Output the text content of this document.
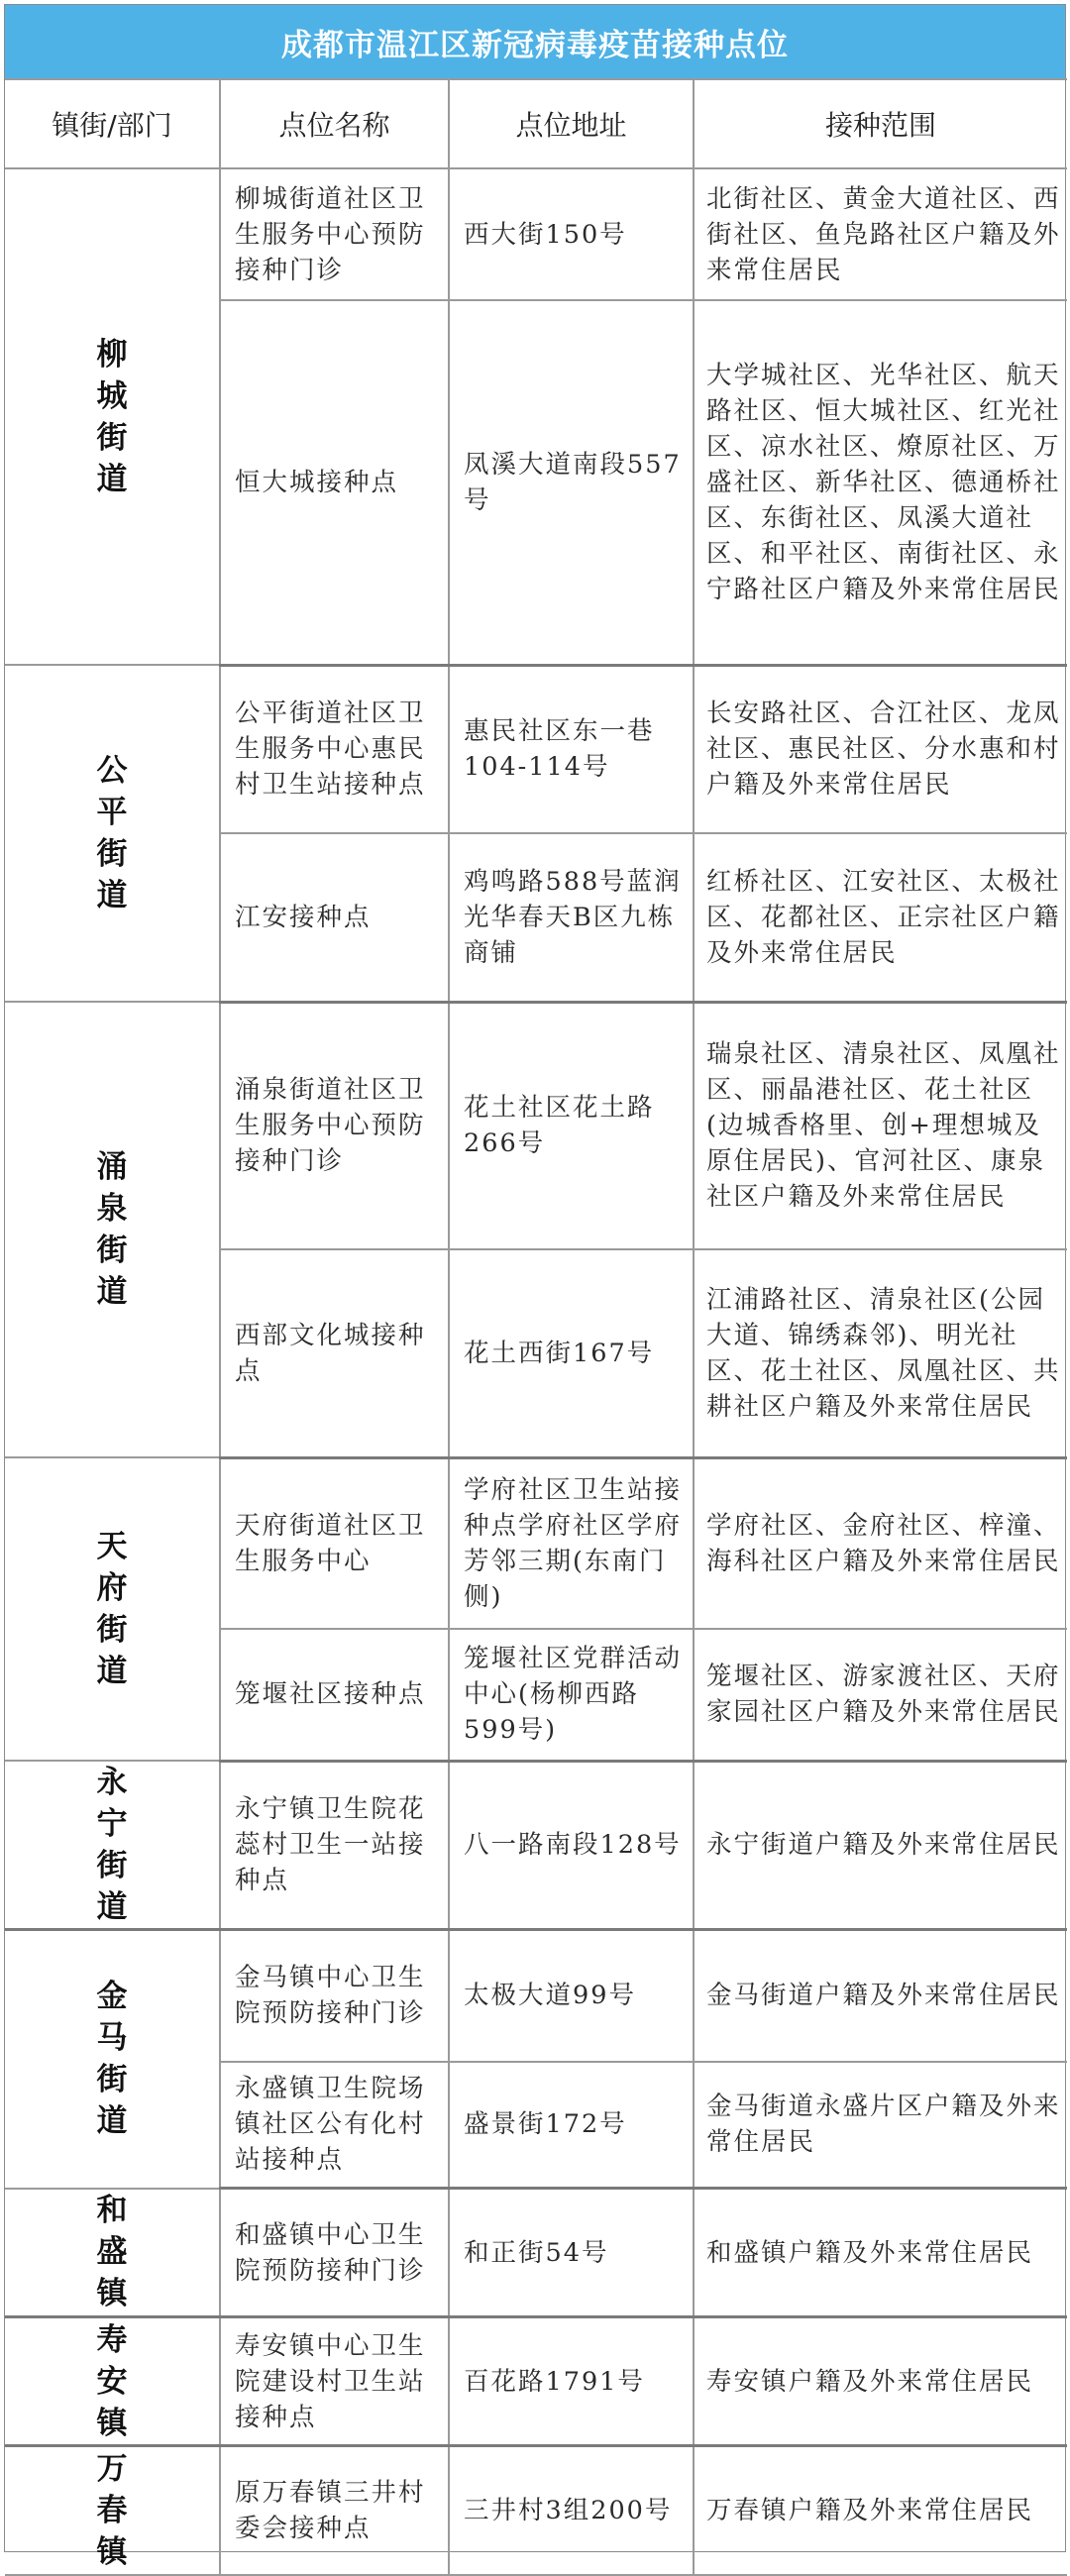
成都市温江区新冠病毒疫苗接种点位
镇街/部门	点位名称	点位地址	接种范围
柳城街道	柳城街道社区卫生服务中心预防接种门诊	西大街150号	北街社区、黄金大道社区、西街社区、鱼凫路社区户籍及外来常住居民
	恒大城接种点	凤溪大道南段557号	大学城社区、光华社区、航天路社区、恒大城社区、红光社区、凉水社区、燎原社区、万盛社区、新华社区、德通桥社区、东街社区、凤溪大道社区、和平社区、南街社区、永宁路社区户籍及外来常住居民
公平街道	公平街道社区卫生服务中心惠民村卫生站接种点	惠民社区东一巷104-114号	长安路社区、合江社区、龙凤社区、惠民社区、分水惠和村户籍及外来常住居民
	江安接种点	鸡鸣路588号蓝润光华春天B区九栋商铺	红桥社区、江安社区、太极社区、花都社区、正宗社区户籍及外来常住居民
涌泉街道	涌泉街道社区卫生服务中心预防接种门诊	花土社区花土路266号	瑞泉社区、清泉社区、凤凰社区、丽晶港社区、花土社区(边城香格里、创+理想城及原住居民)、官河社区、康泉社区户籍及外来常住居民
	西部文化城接种点	花土西街167号	江浦路社区、清泉社区(公园大道、锦绣森邻)、明光社区、花土社区、凤凰社区、共耕社区户籍及外来常住居民
天府街道	天府街道社区卫生服务中心	学府社区卫生站接种点学府社区学府芳邻三期(东南门侧)	学府社区、金府社区、梓潼、海科社区户籍及外来常住居民
	笼堰社区接种点	笼堰社区党群活动中心(杨柳西路599号)	笼堰社区、游家渡社区、天府家园社区户籍及外来常住居民
永宁街道	永宁镇卫生院花蕊村卫生一站接种点	八一路南段128号	永宁街道户籍及外来常住居民
金马街道	金马镇中心卫生院预防接种门诊	太极大道99号	金马街道户籍及外来常住居民
	永盛镇卫生院场镇社区公有化村站接种点	盛景街172号	金马街道永盛片区户籍及外来常住居民
和盛镇	和盛镇中心卫生院预防接种门诊	和正街54号	和盛镇户籍及外来常住居民
寿安镇	寿安镇中心卫生院建设村卫生站接种点	百花路1791号	寿安镇户籍及外来常住居民
万春镇	原万春镇三井村委会接种点	三井村3组200号	万春镇户籍及外来常住居民
